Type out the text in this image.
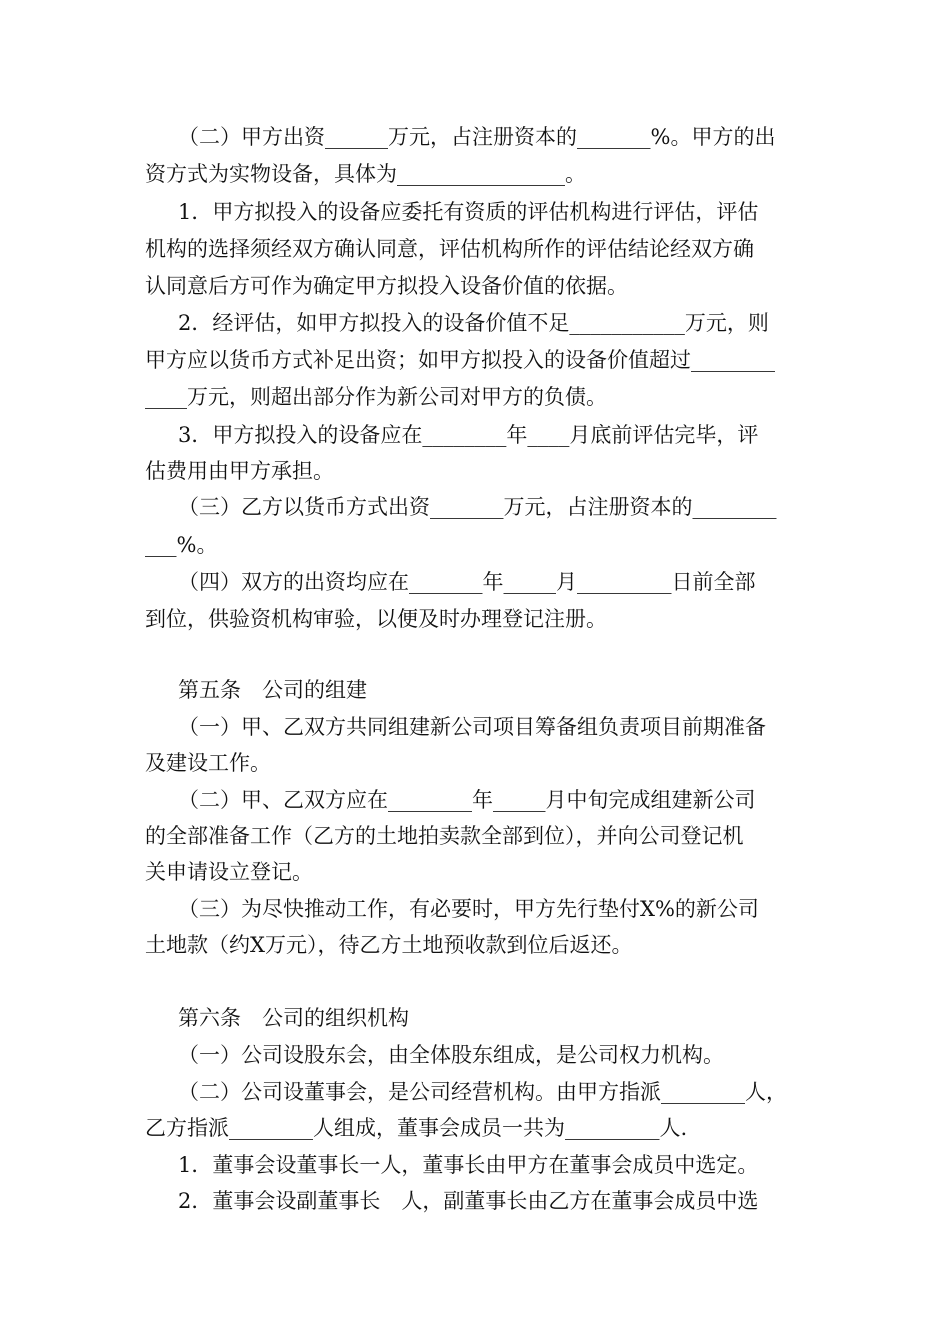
（二）甲方出资______万元，占注册资本的_______%。甲方的出
资方式为实物设备，具体为________________。
1．甲方拟投入的设备应委托有资质的评估机构进行评估，评估
机构的选择须经双方确认同意，评估机构所作的评估结论经双方确
认同意后方可作为确定甲方拟投入设备价值的依据。
2．经评估，如甲方拟投入的设备价值不足___________万元，则
甲方应以货币方式补足出资；如甲方拟投入的设备价值超过________
____万元，则超出部分作为新公司对甲方的负债。
3．甲方拟投入的设备应在________年____月底前评估完毕，评
估费用由甲方承担。
（三）乙方以货币方式出资_______万元，占注册资本的________
___%。
（四）双方的出资均应在_______年_____月_________日前全部
到位，供验资机构审验，以便及时办理登记注册。
第五条　公司的组建
（一）甲、乙双方共同组建新公司项目筹备组负责项目前期准备
及建设工作。
（二）甲、乙双方应在________年_____月中旬完成组建新公司
的全部准备工作（乙方的土地拍卖款全部到位），并向公司登记机
关申请设立登记。
（三）为尽快推动工作，有必要时，甲方先行垫付X%的新公司
土地款（约X万元），待乙方土地预收款到位后返还。
第六条　公司的组织机构
（一）公司设股东会，由全体股东组成，是公司权力机构。
（二）公司设董事会，是公司经营机构。由甲方指派________人，
乙方指派________人组成，董事会成员一共为_________人.
1．董事会设董事长一人，董事长由甲方在董事会成员中选定。
2．董事会设副董事长　人，副董事长由乙方在董事会成员中选
